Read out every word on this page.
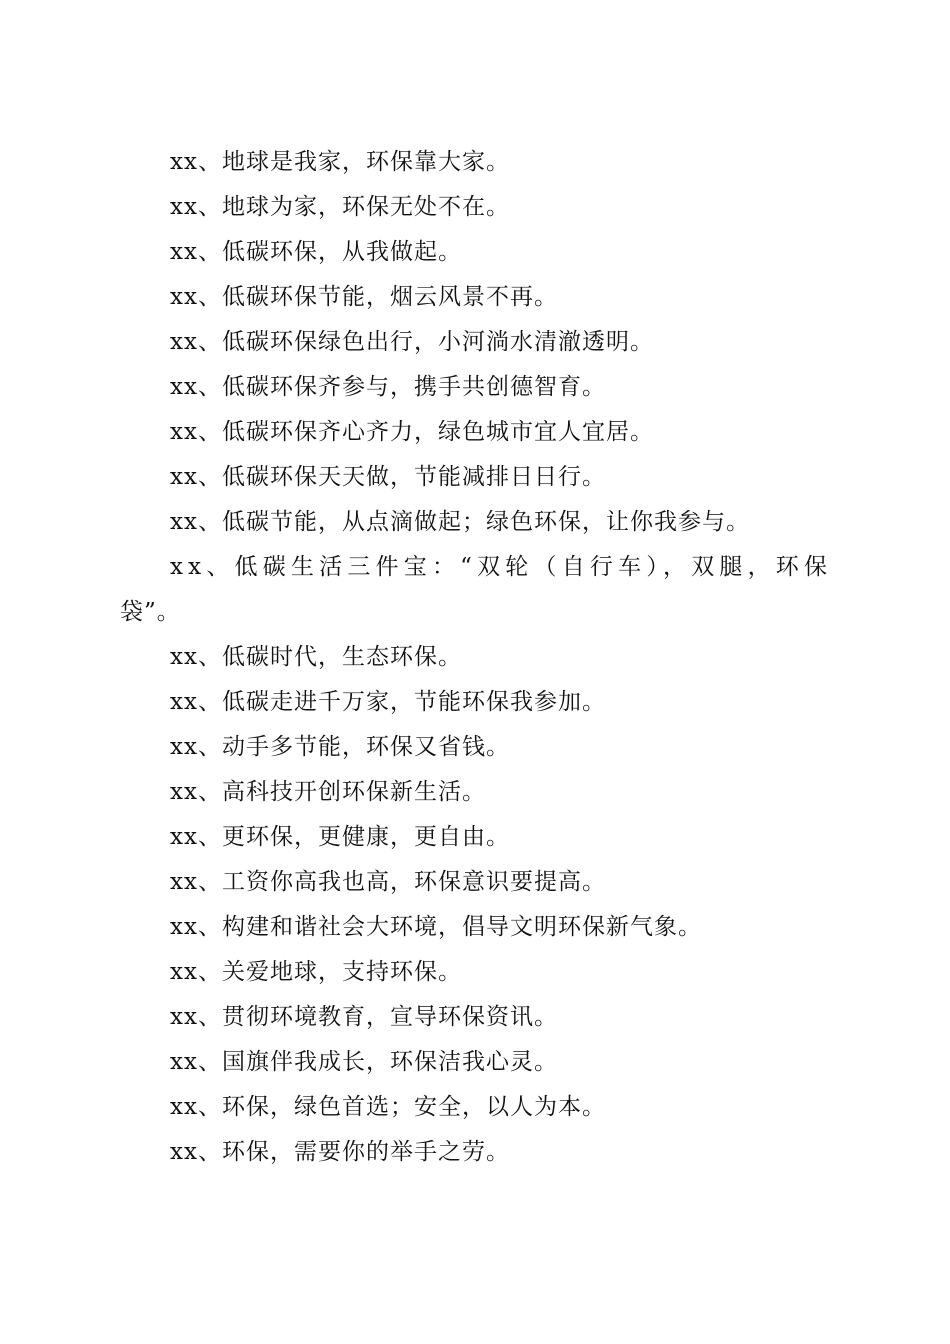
xx、地球是我家，环保靠大家。
xx、地球为家，环保无处不在。
xx、低碳环保，从我做起。
xx、低碳环保节能，烟云风景不再。
xx、低碳环保绿色出行，小河淌水清澈透明。
xx、低碳环保齐参与，携手共创德智育。
xx、低碳环保齐心齐力，绿色城市宜人宜居。
xx、低碳环保天天做，节能减排日日行。
xx、低碳节能，从点滴做起；绿色环保，让你我参与。
xx、低碳生活三件宝：“双轮（自行车），双腿，环保
袋”。
xx、低碳时代，生态环保。
xx、低碳走进千万家，节能环保我参加。
xx、动手多节能，环保又省钱。
xx、高科技开创环保新生活。
xx、更环保，更健康，更自由。
xx、工资你高我也高，环保意识要提高。
xx、构建和谐社会大环境，倡导文明环保新气象。
xx、关爱地球，支持环保。
xx、贯彻环境教育，宣导环保资讯。
xx、国旗伴我成长，环保洁我心灵。
xx、环保，绿色首选；安全，以人为本。
xx、环保，需要你的举手之劳。
